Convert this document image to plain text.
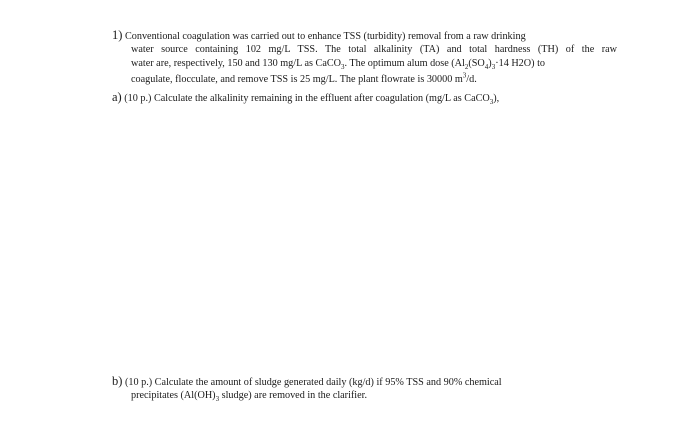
1) Conventional coagulation was carried out to enhance TSS (turbidity) removal from a raw drinking
water source containing 102 mg/L TSS. The total alkalinity (TA) and total hardness (TH) of the raw
water are, respectively, 150 and 130 mg/L as CaCO$_3$. The optimum alum dose ($Al_2(SO_4)_3\cdot 14$ H2O) to
coagulate, flocculate, and remove TSS is 25 mg/L. The plant flowrate is 30000 $m^3/d$.
a) (10 p.) Calculate the alkalinity remaining in the effluent after coagulation (mg/L as CaCO$_3$),
b) (10 p.) Calculate the amount of sludge generated daily (kg/d) if 95% TSS and 90% chemical
precipitates ($Al(OH)_3$ sludge) are removed in the clarifier.
